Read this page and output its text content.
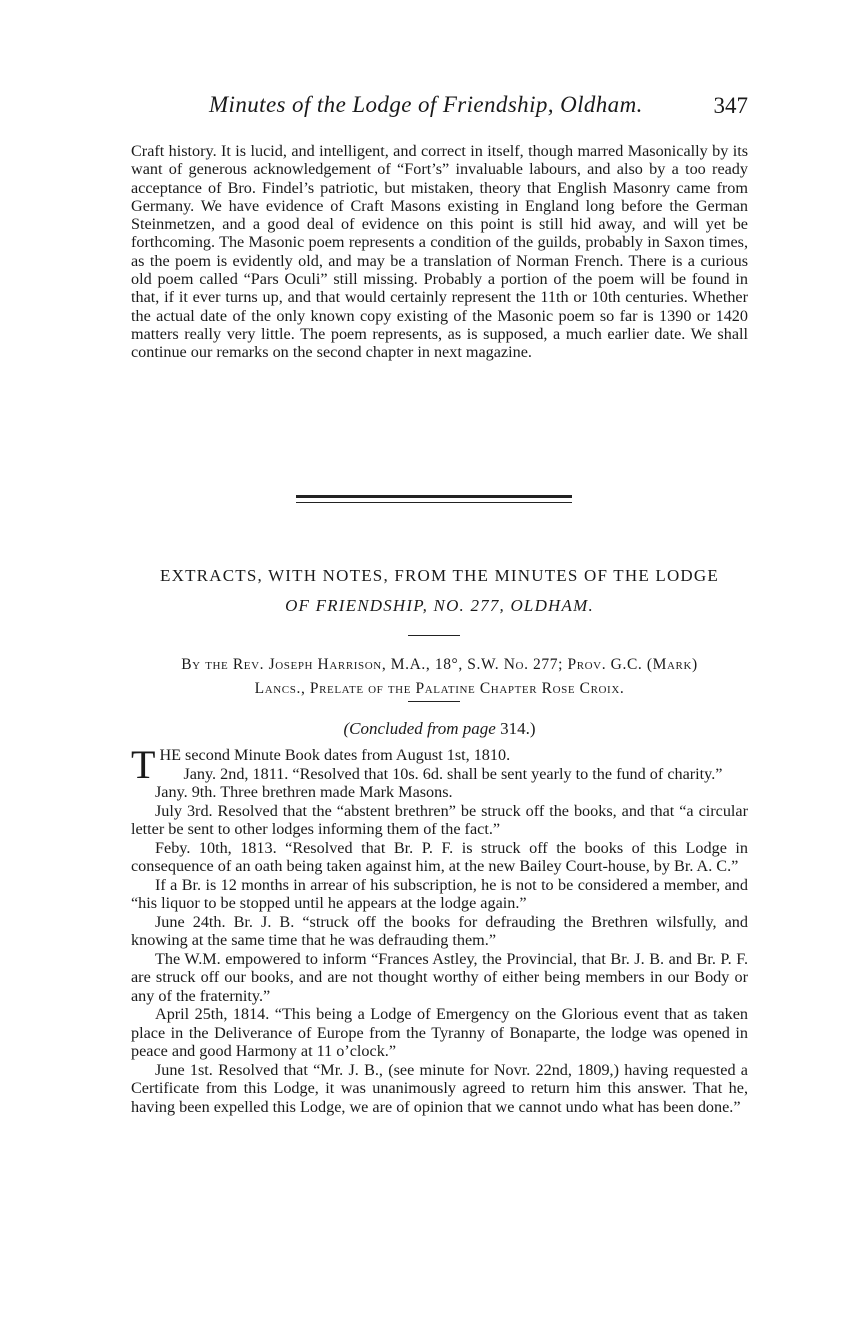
Minutes of the Lodge of Friendship, Oldham.	347

Craft history. It is lucid, and intelligent, and correct in itself, though marred Masonically by its want of generous acknowledgement of “Fort’s” invaluable labours, and also by a too ready acceptance of Bro. Findel’s patriotic, but mistaken, theory that English Masonry came from Germany. We have evidence of Craft Masons existing in England long before the German Steinmetzen, and a good deal of evidence on this point is still hid away, and will yet be forthcoming. The Masonic poem represents a condition of the guilds, probably in Saxon times, as the poem is evidently old, and may be a translation of Norman French. There is a curious old poem called “Pars Oculi” still missing. Probably a portion of the poem will be found in that, if it ever turns up, and that would certainly represent the 11th or 10th centuries. Whether the actual date of the only known copy existing of the Masonic poem so far is 1390 or 1420 matters really very little. The poem represents, as is supposed, a much earlier date. We shall continue our remarks on the second chapter in next magazine.

EXTRACTS, WITH NOTES, FROM THE MINUTES OF THE LODGE
OF FRIENDSHIP, NO. 277, OLDHAM.
By the Rev. Joseph Harrison, M.A., 18°, S.W. No. 277; Prov. G.C. (Mark)
Lancs., Prelate of the Palatine Chapter Rose Croix.
(Concluded from page 314.)

THE second Minute Book dates from August 1st, 1810.

Jany. 2nd, 1811. “Resolved that 10s. 6d. shall be sent yearly to the fund of charity.”

Jany. 9th. Three brethren made Mark Masons.

July 3rd. Resolved that the “abstent brethren” be struck off the books, and that “a circular letter be sent to other lodges informing them of the fact.”

Feby. 10th, 1813. “Resolved that Br. P. F. is struck off the books of this Lodge in consequence of an oath being taken against him, at the new Bailey Court-house, by Br. A. C.”

If a Br. is 12 months in arrear of his subscription, he is not to be considered a member, and “his liquor to be stopped until he appears at the lodge again.”

June 24th. Br. J. B. “struck off the books for defrauding the Brethren wilsfully, and knowing at the same time that he was defrauding them.”

The W.M. empowered to inform “Frances Astley, the Provincial, that Br. J. B. and Br. P. F. are struck off our books, and are not thought worthy of either being members in our Body or any of the fraternity.”

April 25th, 1814. “This being a Lodge of Emergency on the Glorious event that as taken place in the Deliverance of Europe from the Tyranny of Bonaparte, the lodge was opened in peace and good Harmony at 11 o’clock.”

June 1st. Resolved that “Mr. J. B., (see minute for Novr. 22nd, 1809,) having requested a Certificate from this Lodge, it was unanimously agreed to return him this answer. That he, having been expelled this Lodge, we are of opinion that we cannot undo what has been done.”
